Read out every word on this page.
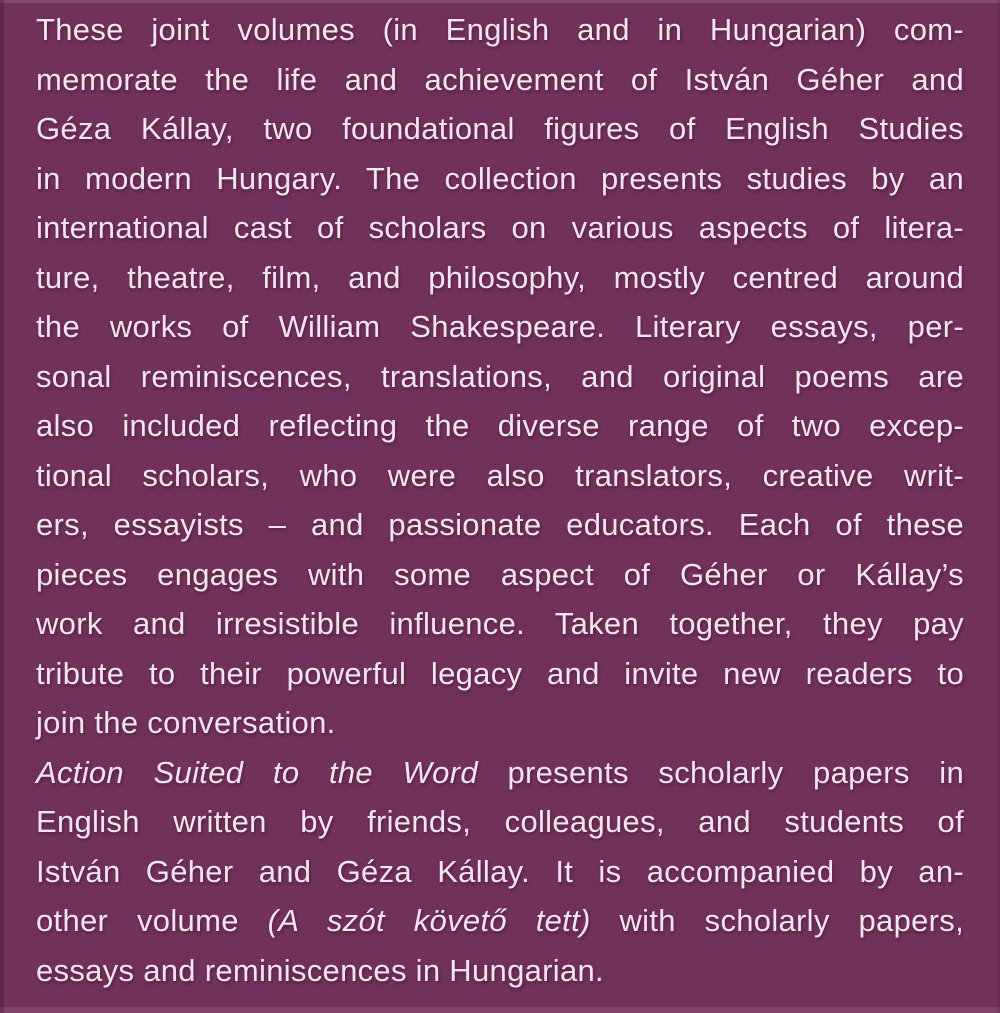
These joint volumes (in English and in Hungarian) com-
memorate the life and achievement of István Géher and
Géza Kállay, two foundational figures of English Studies
in modern Hungary. The collection presents studies by an
international cast of scholars on various aspects of litera-
ture, theatre, film, and philosophy, mostly centred around
the works of William Shakespeare. Literary essays, per-
sonal reminiscences, translations, and original poems are
also included reflecting the diverse range of two excep-
tional scholars, who were also translators, creative writ-
ers, essayists – and passionate educators. Each of these
pieces engages with some aspect of Géher or Kállay’s
work and irresistible influence. Taken together, they pay
tribute to their powerful legacy and invite new readers to
join the conversation.
Action Suited to the Word presents scholarly papers in
English written by friends, colleagues, and students of
István Géher and Géza Kállay. It is accompanied by an-
other volume (A szót követő tett) with scholarly papers,
essays and reminiscences in Hungarian.
